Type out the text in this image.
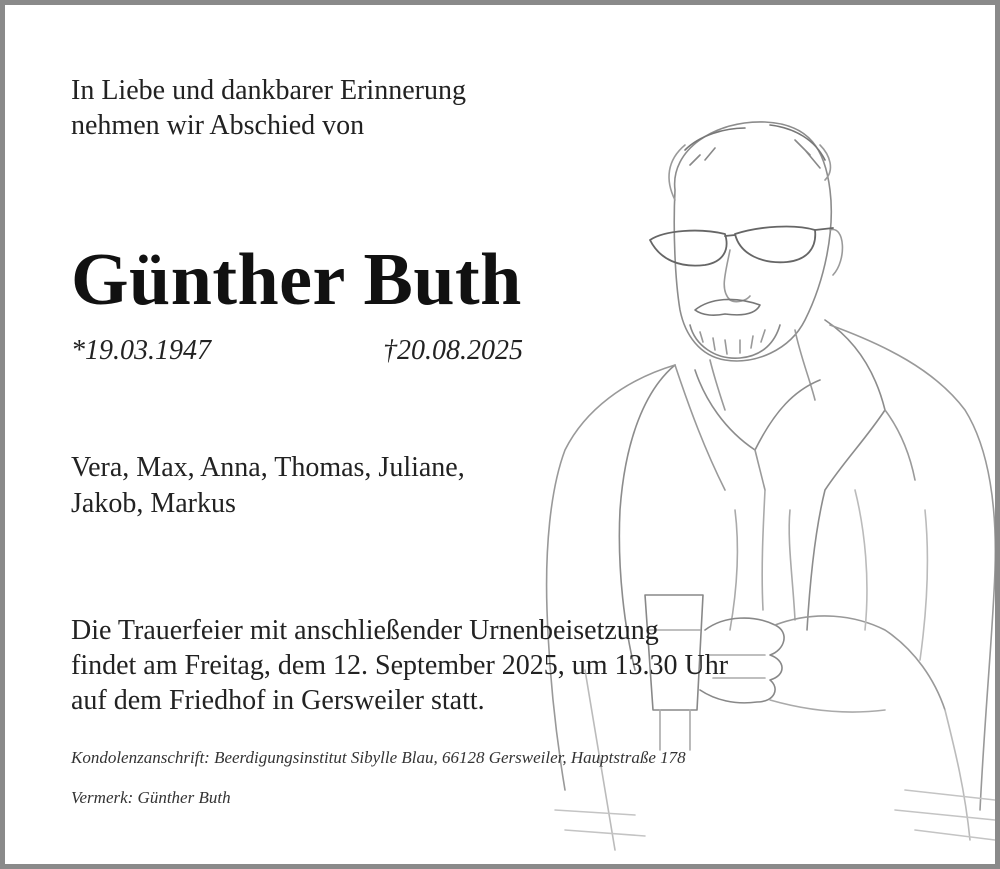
In Liebe und dankbarer Erinnerung
nehmen wir Abschied von
Günther Buth
*19.03.1947	†20.08.2025
Vera, Max, Anna, Thomas, Juliane,
Jakob, Markus
Die Trauerfeier mit anschließender Urnenbeisetzung
findet am Freitag, dem 12. September 2025, um 13.30 Uhr
auf dem Friedhof in Gersweiler statt.
Kondolenzanschrift: Beerdigungsinstitut Sibylle Blau, 66128 Gersweiler, Hauptstraße 178
Vermerk: Günther Buth
